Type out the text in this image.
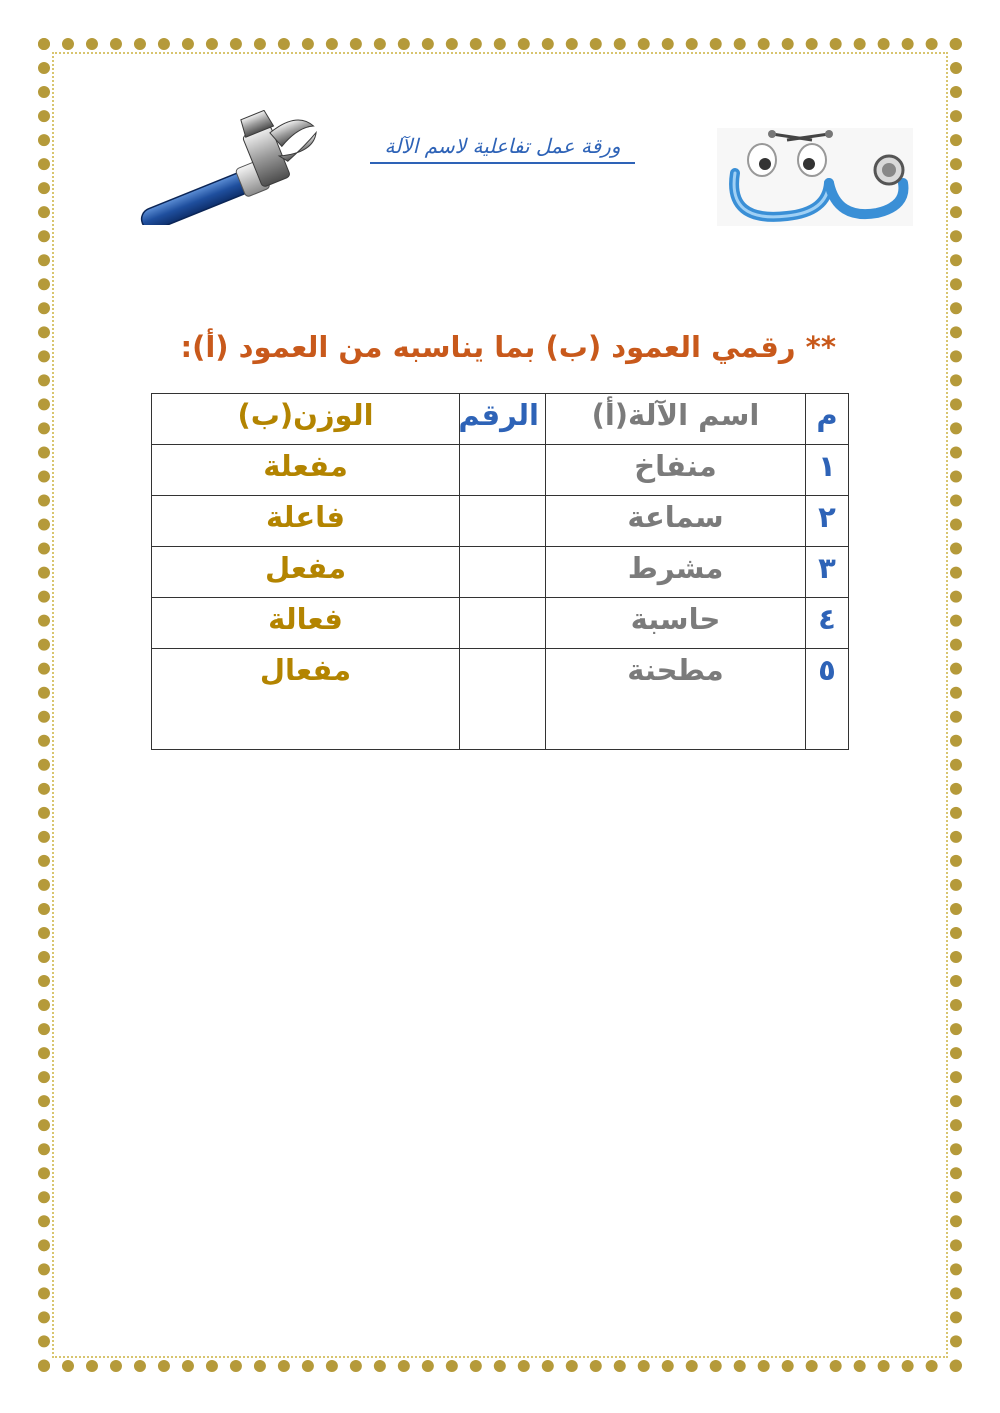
ورقة عمل تفاعلية لاسم الآلة
** رقمي العمود (ب) بما يناسبه من العمود (أ):
م	اسم الآلة(أ)	الرقم	الوزن(ب)
١	منفاخ		مفعلة
٢	سماعة		فاعلة
٣	مشرط		مفعل
٤	حاسبة		فعالة
٥	مطحنة		مفعال
